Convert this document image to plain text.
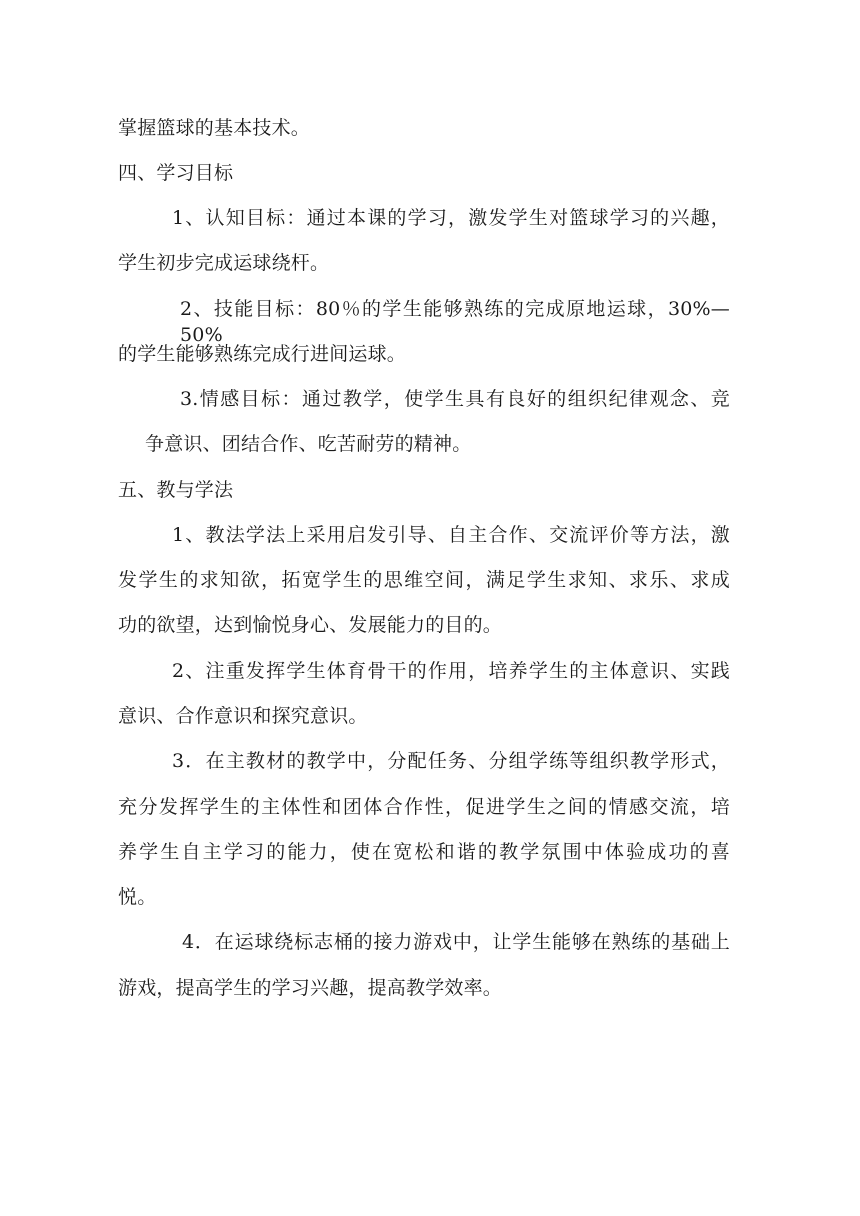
掌握篮球的基本技术。
四、学习目标
1、认知目标：通过本课的学习，激发学生对篮球学习的兴趣，
学生初步完成运球绕杆。
2、技能目标：80％的学生能够熟练的完成原地运球，30%—50%
的学生能够熟练完成行进间运球。
3.情感目标：通过教学，使学生具有良好的组织纪律观念、竞
争意识、团结合作、吃苦耐劳的精神。
五、教与学法
1、教法学法上采用启发引导、自主合作、交流评价等方法，激
发学生的求知欲，拓宽学生的思维空间，满足学生求知、求乐、求成
功的欲望，达到愉悦身心、发展能力的目的。
2、注重发挥学生体育骨干的作用，培养学生的主体意识、实践
意识、合作意识和探究意识。
3．在主教材的教学中，分配任务、分组学练等组织教学形式，
充分发挥学生的主体性和团体合作性，促进学生之间的情感交流，培
养学生自主学习的能力，使在宽松和谐的教学氛围中体验成功的喜
悦。
4．在运球绕标志桶的接力游戏中，让学生能够在熟练的基础上
游戏，提高学生的学习兴趣，提高教学效率。
